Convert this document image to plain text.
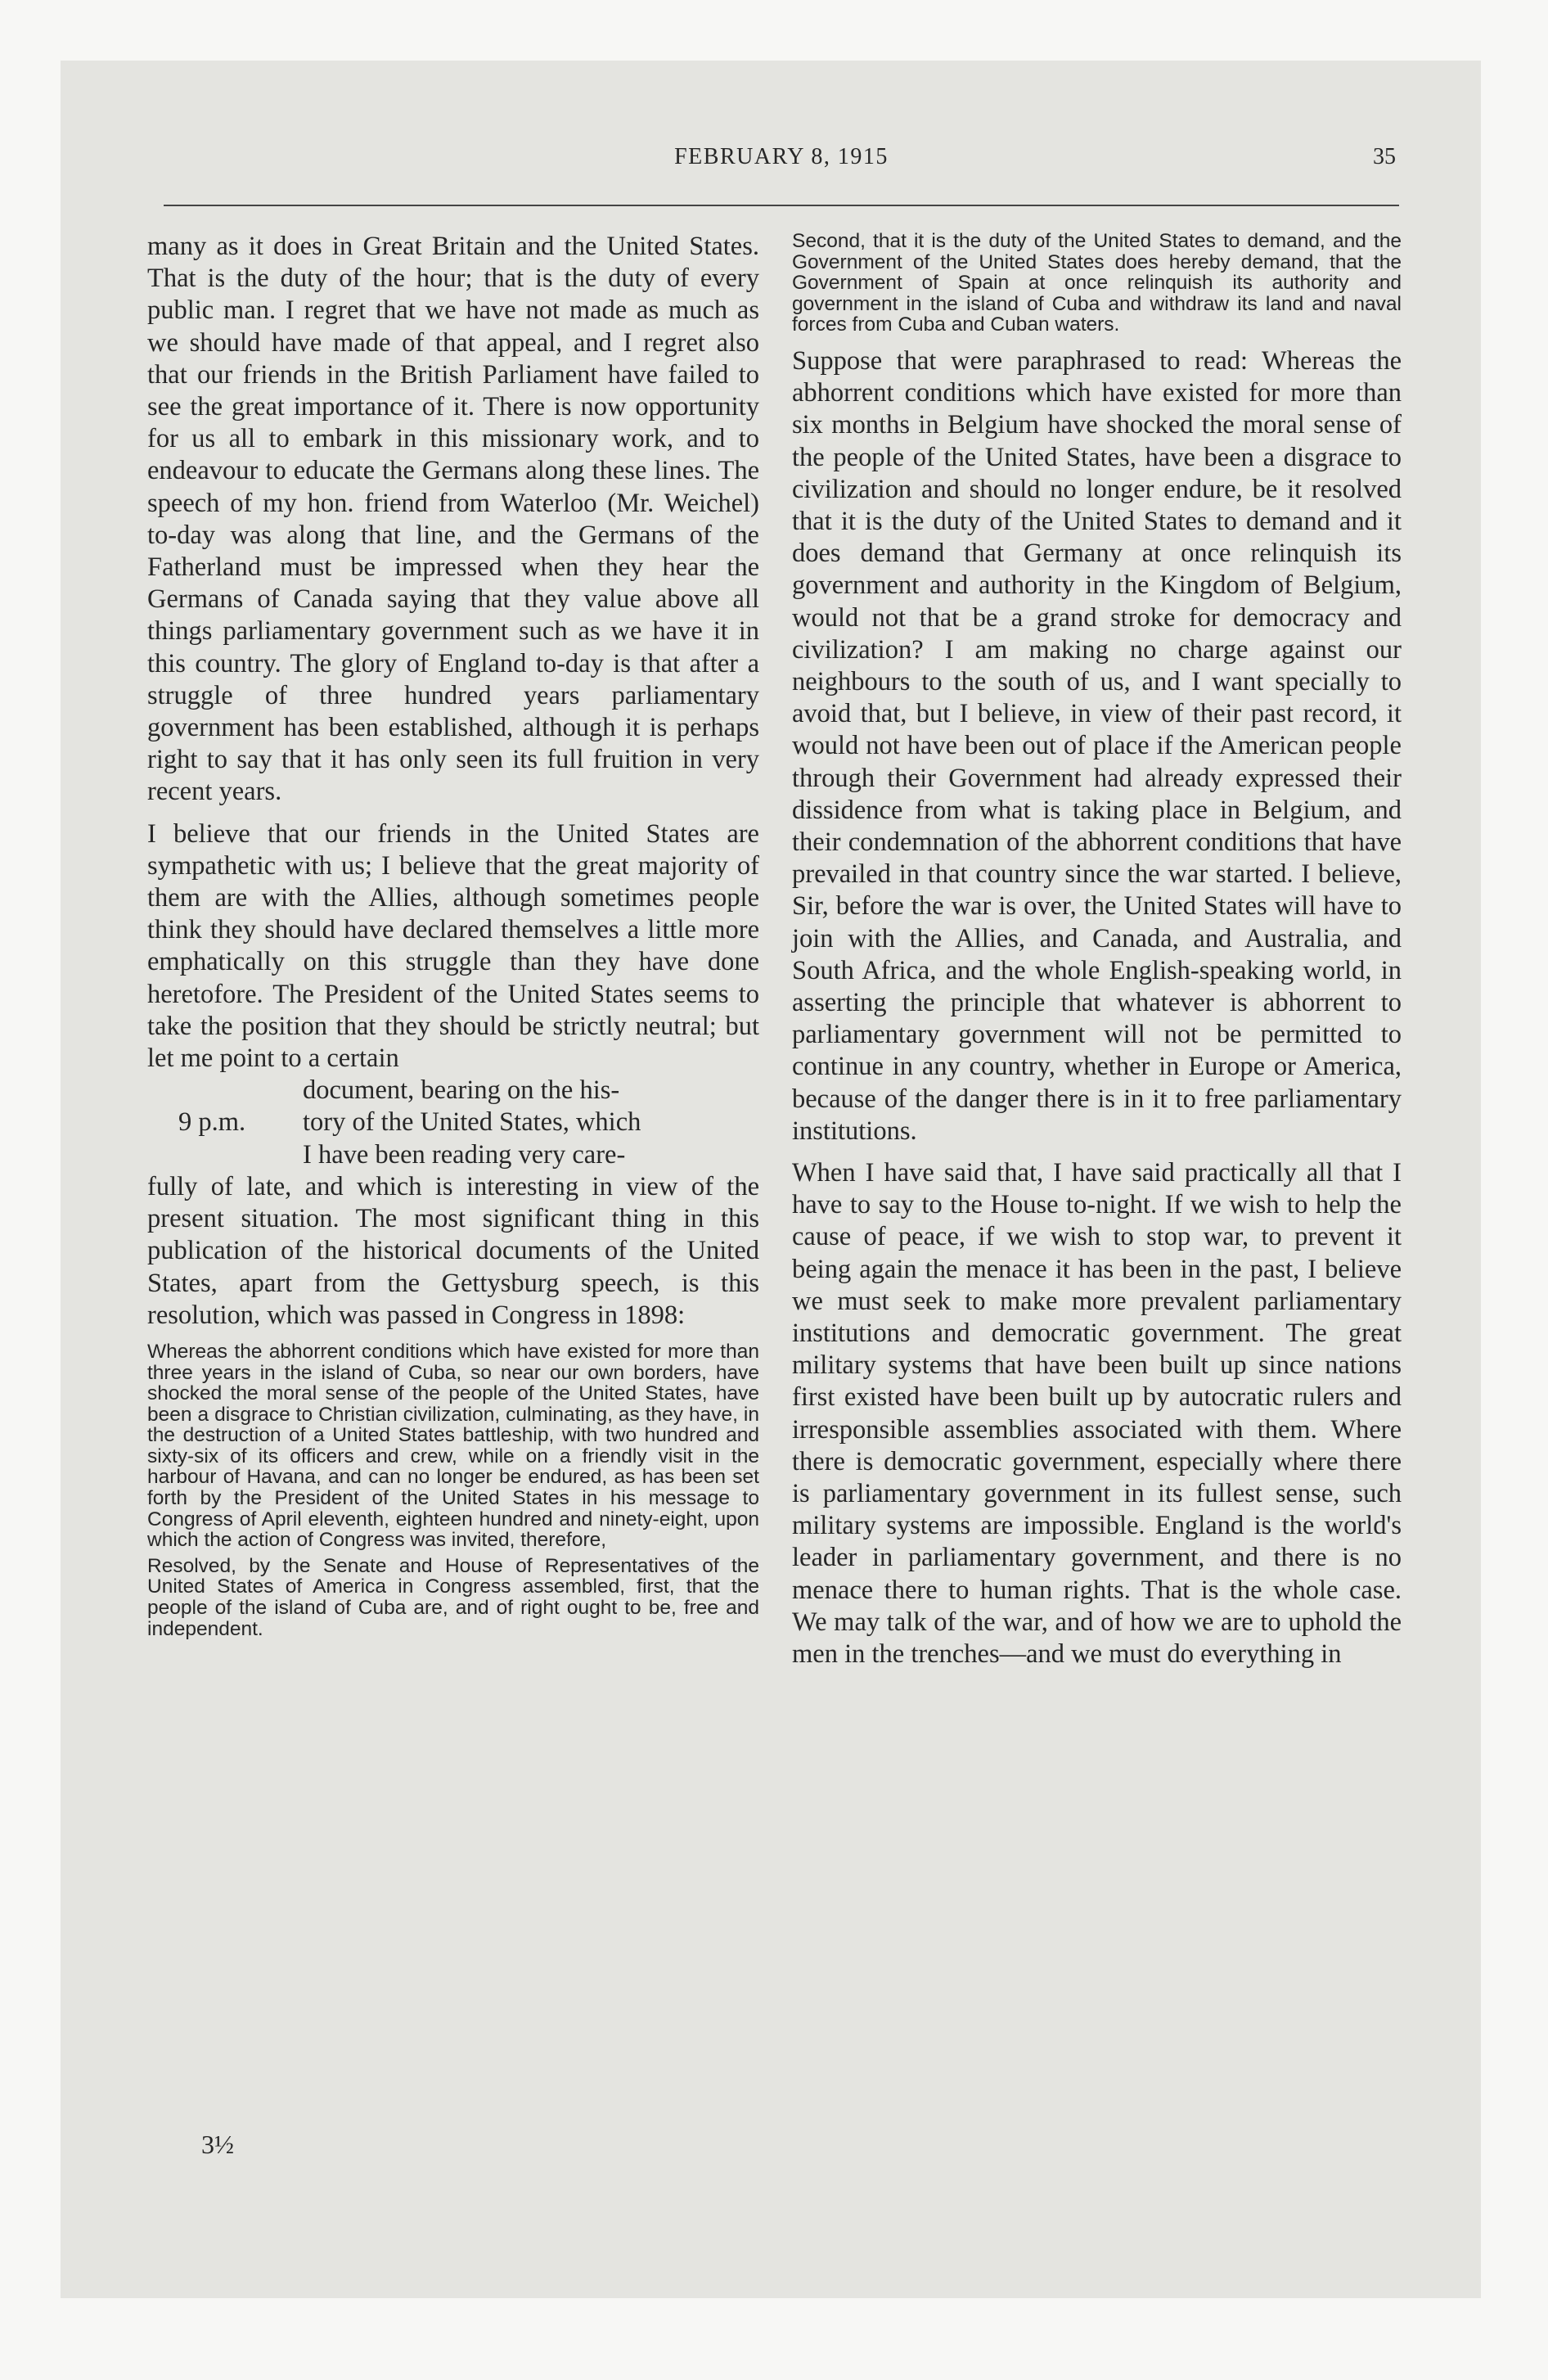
FEBRUARY 8, 1915	35

many as it does in Great Britain and the United States. That is the duty of the hour; that is the duty of every public man. I regret that we have not made as much as we should have made of that appeal, and I regret also that our friends in the British Parliament have failed to see the great importance of it. There is now opportunity for us all to embark in this missionary work, and to endeavour to educate the Germans along these lines. The speech of my hon. friend from Waterloo (Mr. Weichel) to-day was along that line, and the Germans of the Fatherland must be impressed when they hear the Germans of Canada saying that they value above all things parliamentary government such as we have it in this country. The glory of England to-day is that after a struggle of three hundred years parliamentary government has been established, although it is perhaps right to say that it has only seen its full fruition in very recent years.

I believe that our friends in the United States are sympathetic with us; I believe that the great majority of them are with the Allies, although sometimes people think they should have declared themselves a little more emphatically on this struggle than they have done heretofore. The President of the United States seems to take the position that they should be strictly neutral; but let me point to a certain

document, bearing on the his-

9 p.m. tory of the United States, which

I have been reading very care-

fully of late, and which is interesting in view of the present situation. The most significant thing in this publication of the historical documents of the United States, apart from the Gettysburg speech, is this resolution, which was passed in Congress in 1898:

Whereas the abhorrent conditions which have existed for more than three years in the island of Cuba, so near our own borders, have shocked the moral sense of the people of the United States, have been a disgrace to Christian civilization, culminating, as they have, in the destruction of a United States battleship, with two hundred and sixty-six of its officers and crew, while on a friendly visit in the harbour of Havana, and can no longer be endured, as has been set forth by the President of the United States in his message to Congress of April eleventh, eighteen hundred and ninety-eight, upon which the action of Congress was invited, therefore,

Resolved, by the Senate and House of Representatives of the United States of America in Congress assembled, first, that the people of the island of Cuba are, and of right ought to be, free and independent.

3½

Second, that it is the duty of the United States to demand, and the Government of the United States does hereby demand, that the Government of Spain at once relinquish its authority and government in the island of Cuba and withdraw its land and naval forces from Cuba and Cuban waters.

Suppose that were paraphrased to read: Whereas the abhorrent conditions which have existed for more than six months in Belgium have shocked the moral sense of the people of the United States, have been a disgrace to civilization and should no longer endure, be it resolved that it is the duty of the United States to demand and it does demand that Germany at once relinquish its government and authority in the Kingdom of Belgium, would not that be a grand stroke for democracy and civilization? I am making no charge against our neighbours to the south of us, and I want specially to avoid that, but I believe, in view of their past record, it would not have been out of place if the American people through their Government had already expressed their dissidence from what is taking place in Belgium, and their condemnation of the abhorrent conditions that have prevailed in that country since the war started. I believe, Sir, before the war is over, the United States will have to join with the Allies, and Canada, and Australia, and South Africa, and the whole English-speaking world, in asserting the principle that whatever is abhorrent to parliamentary government will not be permitted to continue in any country, whether in Europe or America, because of the danger there is in it to free parliamentary institutions.

When I have said that, I have said practically all that I have to say to the House to-night. If we wish to help the cause of peace, if we wish to stop war, to prevent it being again the menace it has been in the past, I believe we must seek to make more prevalent parliamentary institutions and democratic government. The great military systems that have been built up since nations first existed have been built up by autocratic rulers and irresponsible assemblies associated with them. Where there is democratic government, especially where there is parliamentary government in its fullest sense, such military systems are impossible. England is the world's leader in parliamentary government, and there is no menace there to human rights. That is the whole case. We may talk of the war, and of how we are to uphold the men in the trenches—and we must do everything in
